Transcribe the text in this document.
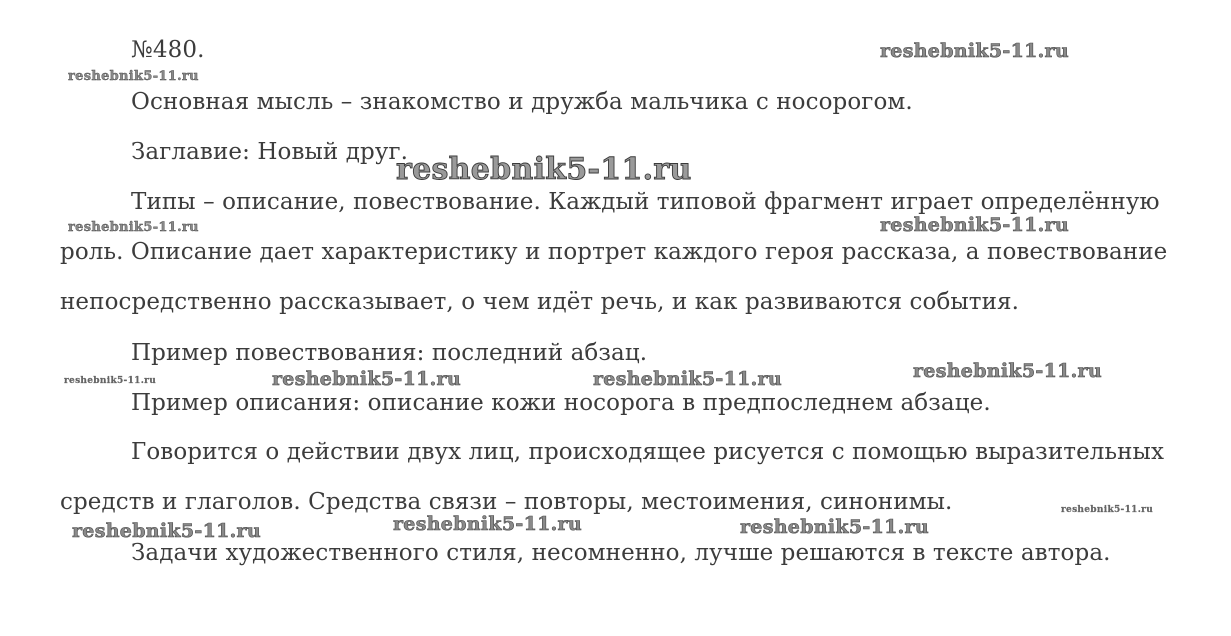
№480.
Основная мысль – знакомство и дружба мальчика с носорогом.
Заглавие: Новый друг.
Типы – описание, повествование. Каждый типовой фрагмент играет определённую
роль. Описание дает характеристику и портрет каждого героя рассказа, а повествование
непосредственно рассказывает, о чем идёт речь, и как развиваются события.
Пример повествования: последний абзац.
Пример описания: описание кожи носорога в предпоследнем абзаце.
Говорится о действии двух лиц, происходящее рисуется с помощью выразительных
средств и глаголов. Средства связи – повторы, местоимения, синонимы.
Задачи художественного стиля, несомненно, лучше решаются в тексте автора.
reshebnik5-11.ru
reshebnik5-11.ru
reshebnik5-11.ru
reshebnik5-11.ru	reshebnik5-11.ru
reshebnik5-11.ru	reshebnik5-11.ru	reshebnik5-11.ru	reshebnik5-11.ru
reshebnik5-11.ru
reshebnik5-11.ru	reshebnik5-11.ru	reshebnik5-11.ru
